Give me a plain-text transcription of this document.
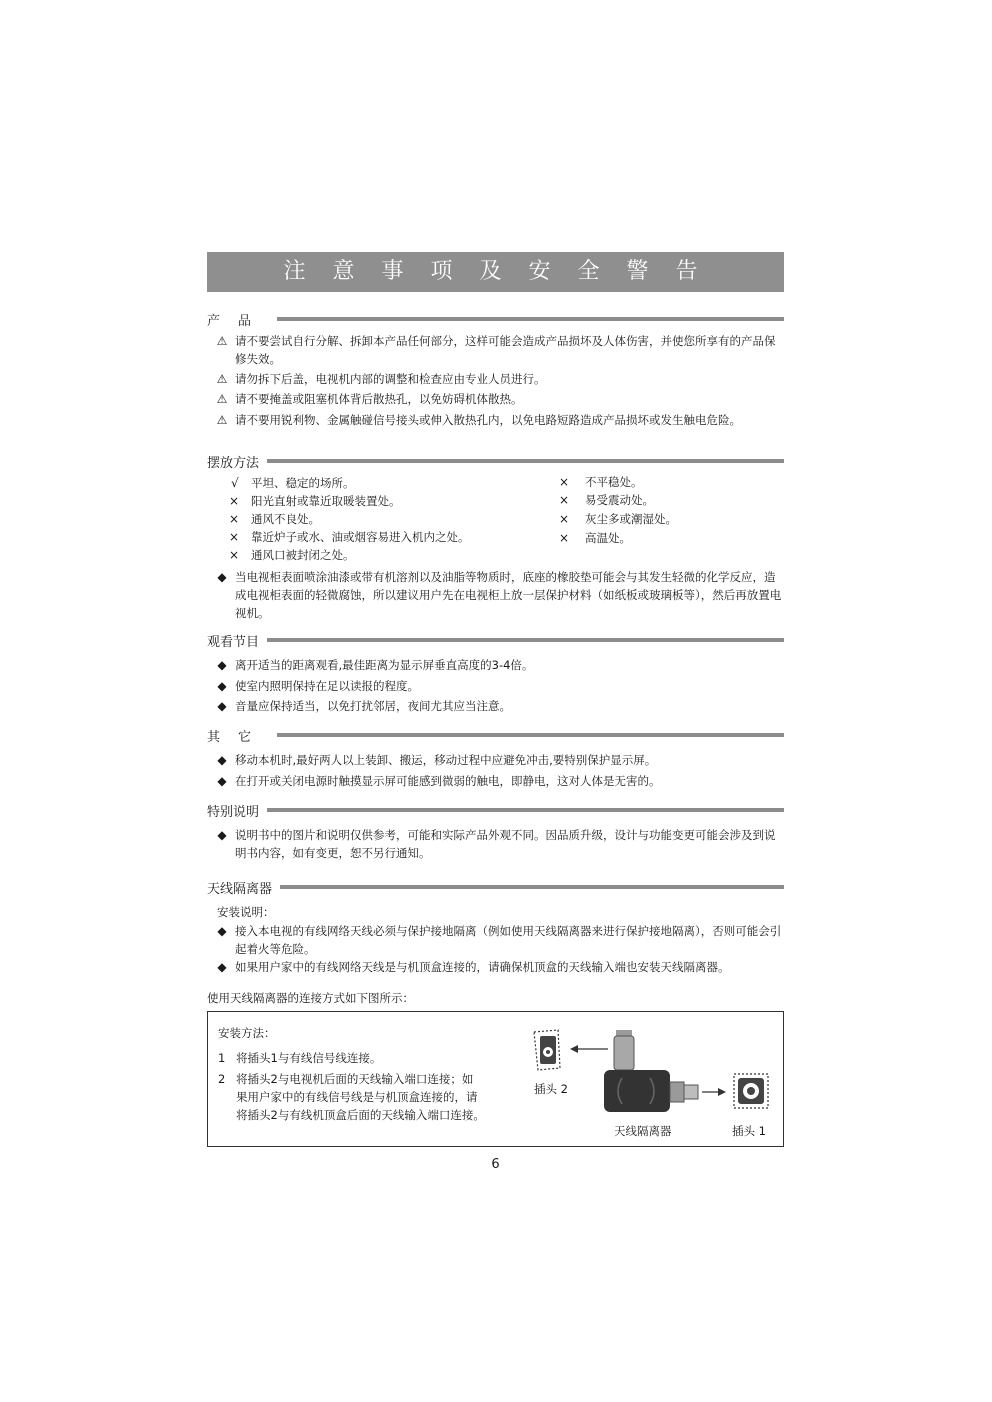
注 意 事 项 及 安 全 警 告
产品
⚠ 请不要尝试自行分解、拆卸本产品任何部分，这样可能会造成产品损坏及人体伤害，并使您所享有的产品保修失效。
⚠ 请勿拆下后盖，电视机内部的调整和检查应由专业人员进行。
⚠ 请不要掩盖或阻塞机体背后散热孔，以免妨碍机体散热。
⚠ 请不要用锐利物、金属触碰信号接头或伸入散热孔内，以免电路短路造成产品损坏或发生触电危险。
摆放方法
√ 平坦、稳定的场所。
× 阳光直射或靠近取暖装置处。
× 通风不良处。
× 靠近炉子或水、油或烟容易进入机内之处。
× 通风口被封闭之处。
× 不平稳处。
× 易受震动处。
× 灰尘多或潮湿处。
× 高温处。
◆ 当电视柜表面喷涂油漆或带有机溶剂以及油脂等物质时，底座的橡胶垫可能会与其发生轻微的化学反应，造成电视柜表面的轻微腐蚀，所以建议用户先在电视柜上放一层保护材料（如纸板或玻璃板等），然后再放置电视机。
观看节目
◆ 离开适当的距离观看,最佳距离为显示屏垂直高度的3-4倍。
◆ 使室内照明保持在足以读报的程度。
◆ 音量应保持适当，以免打扰邻居，夜间尤其应当注意。
其它
◆ 移动本机时,最好两人以上装卸、搬运，移动过程中应避免冲击,要特别保护显示屏。
◆ 在打开或关闭电源时触摸显示屏可能感到微弱的触电，即静电，这对人体是无害的。
特别说明
◆ 说明书中的图片和说明仅供参考，可能和实际产品外观不同。因品质升级，设计与功能变更可能会涉及到说明书内容，如有变更，恕不另行通知。
天线隔离器
安装说明：
◆ 接入本电视的有线网络天线必须与保护接地隔离（例如使用天线隔离器来进行保护接地隔离），否则可能会引起着火等危险。
◆ 如果用户家中的有线网络天线是与机顶盒连接的，请确保机顶盒的天线输入端也安装天线隔离器。
使用天线隔离器的连接方式如下图所示：
安装方法：
1 将插头1与有线信号线连接。
2 将插头2与电视机后面的天线输入端口连接；如
果用户家中的有线信号线是与机顶盒连接的，请
将插头2与有线机顶盒后面的天线输入端口连接。
插头 2
天线隔离器	插头 1
6
